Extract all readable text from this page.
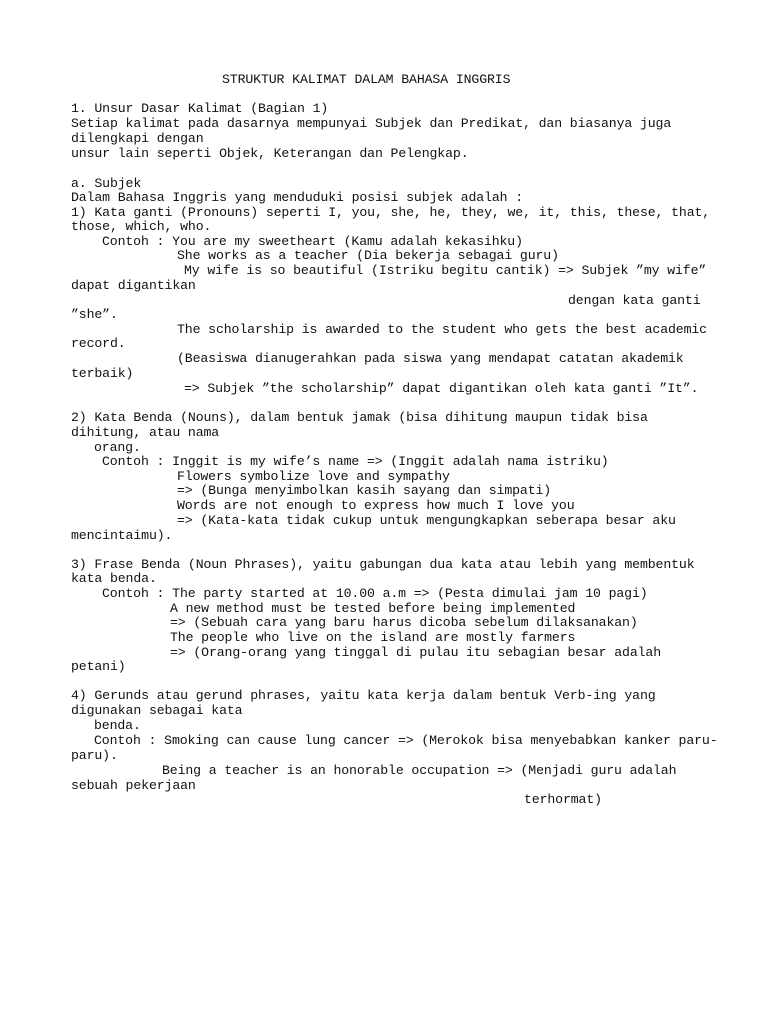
STRUKTUR KALIMAT DALAM BAHASA INGGRIS

1. Unsur Dasar Kalimat (Bagian 1)

Setiap kalimat pada dasarnya mempunyai Subjek dan Predikat, dan biasanya juga

dilengkapi dengan

unsur lain seperti Objek, Keterangan dan Pelengkap.

a. Subjek

Dalam Bahasa Inggris yang menduduki posisi subjek adalah :

1) Kata ganti (Pronouns) seperti I, you, she, he, they, we, it, this, these, that,

those, which, who.

Contoh : You are my sweetheart (Kamu adalah kekasihku)

She works as a teacher (Dia bekerja sebagai guru)

My wife is so beautiful (Istriku begitu cantik) => Subjek ”my wife”

dapat digantikan

dengan kata ganti

”she”.

The scholarship is awarded to the student who gets the best academic

record.

(Beasiswa dianugerahkan pada siswa yang mendapat catatan akademik

terbaik)

=> Subjek ”the scholarship” dapat digantikan oleh kata ganti ”It”.

2) Kata Benda (Nouns), dalam bentuk jamak (bisa dihitung maupun tidak bisa

dihitung, atau nama

orang.

Contoh : Inggit is my wife’s name => (Inggit adalah nama istriku)

Flowers symbolize love and sympathy

=> (Bunga menyimbolkan kasih sayang dan simpati)

Words are not enough to express how much I love you

=> (Kata-kata tidak cukup untuk mengungkapkan seberapa besar aku

mencintaimu).

3) Frase Benda (Noun Phrases), yaitu gabungan dua kata atau lebih yang membentuk

kata benda.

Contoh : The party started at 10.00 a.m => (Pesta dimulai jam 10 pagi)

A new method must be tested before being implemented

=> (Sebuah cara yang baru harus dicoba sebelum dilaksanakan)

The people who live on the island are mostly farmers

=> (Orang-orang yang tinggal di pulau itu sebagian besar adalah

petani)

4) Gerunds atau gerund phrases, yaitu kata kerja dalam bentuk Verb-ing yang

digunakan sebagai kata

benda.

Contoh : Smoking can cause lung cancer => (Merokok bisa menyebabkan kanker paru-

paru).

Being a teacher is an honorable occupation => (Menjadi guru adalah

sebuah pekerjaan

terhormat)
